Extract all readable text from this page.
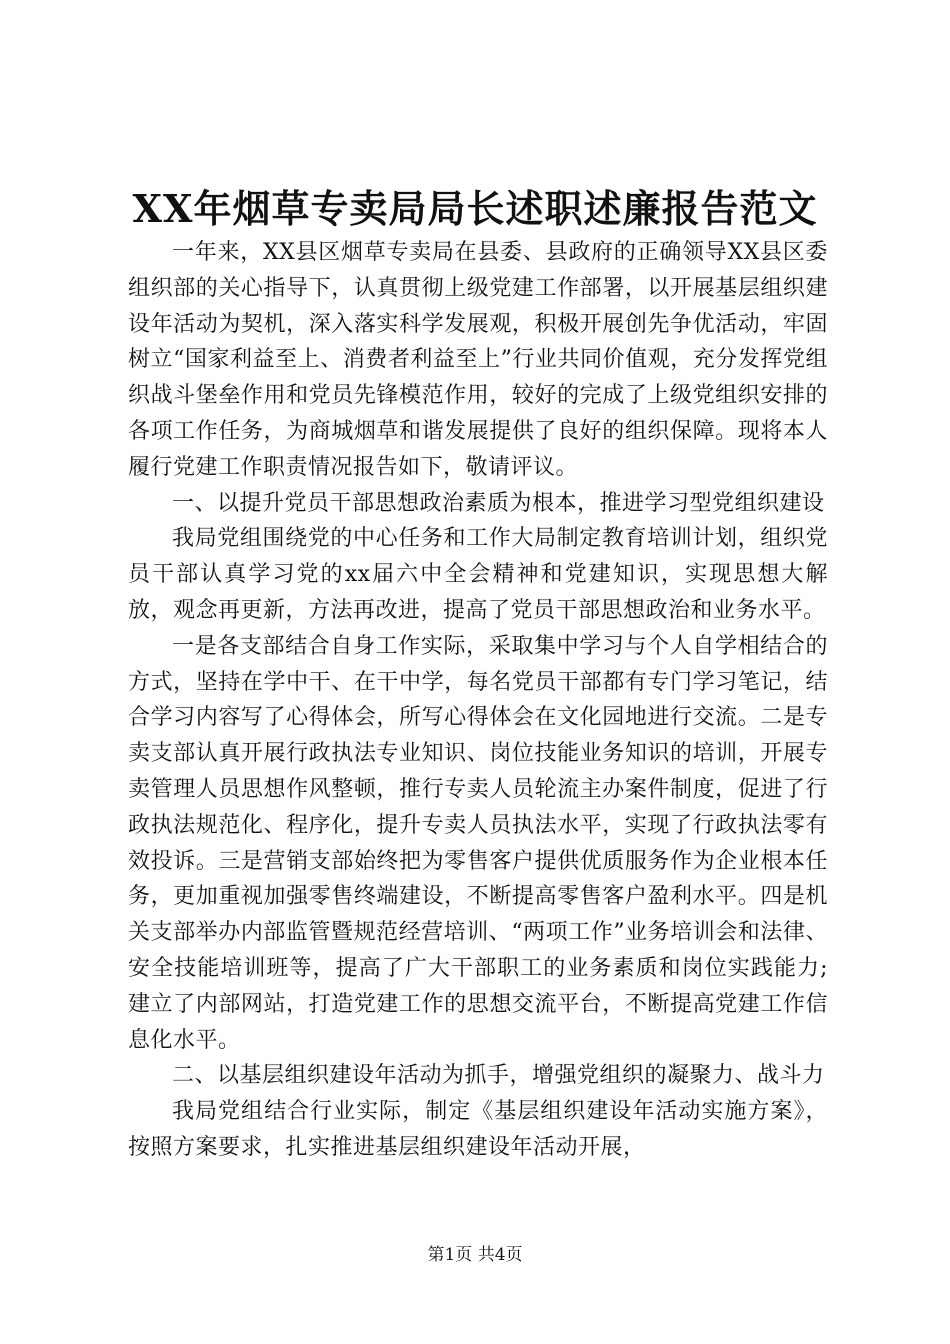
XX年烟草专卖局局长述职述廉报告范文

一年来，XX县区烟草专卖局在县委、县政府的正确领导XX县区委组织部的关心指导下，认真贯彻上级党建工作部署，以开展基层组织建设年活动为契机，深入落实科学发展观，积极开展创先争优活动，牢固树立“国家利益至上、消费者利益至上”行业共同价值观，充分发挥党组织战斗堡垒作用和党员先锋模范作用，较好的完成了上级党组织安排的各项工作任务，为商城烟草和谐发展提供了良好的组织保障。现将本人履行党建工作职责情况报告如下，敬请评议。

一、以提升党员干部思想政治素质为根本，推进学习型党组织建设

我局党组围绕党的中心任务和工作大局制定教育培训计划，组织党员干部认真学习党的xx届六中全会精神和党建知识，实现思想大解放，观念再更新，方法再改进，提高了党员干部思想政治和业务水平。

一是各支部结合自身工作实际，采取集中学习与个人自学相结合的方式，坚持在学中干、在干中学，每名党员干部都有专门学习笔记，结合学习内容写了心得体会，所写心得体会在文化园地进行交流。二是专卖支部认真开展行政执法专业知识、岗位技能业务知识的培训，开展专卖管理人员思想作风整顿，推行专卖人员轮流主办案件制度，促进了行政执法规范化、程序化，提升专卖人员执法水平，实现了行政执法零有效投诉。三是营销支部始终把为零售客户提供优质服务作为企业根本任务，更加重视加强零售终端建设，不断提高零售客户盈利水平。四是机关支部举办内部监管暨规范经营培训、“两项工作”业务培训会和法律、安全技能培训班等，提高了广大干部职工的业务素质和岗位实践能力;建立了内部网站，打造党建工作的思想交流平台，不断提高党建工作信息化水平。

二、以基层组织建设年活动为抓手，增强党组织的凝聚力、战斗力

我局党组结合行业实际，制定《基层组织建设年活动实施方案》，按照方案要求，扎实推进基层组织建设年活动开展，

第1页 共4页
